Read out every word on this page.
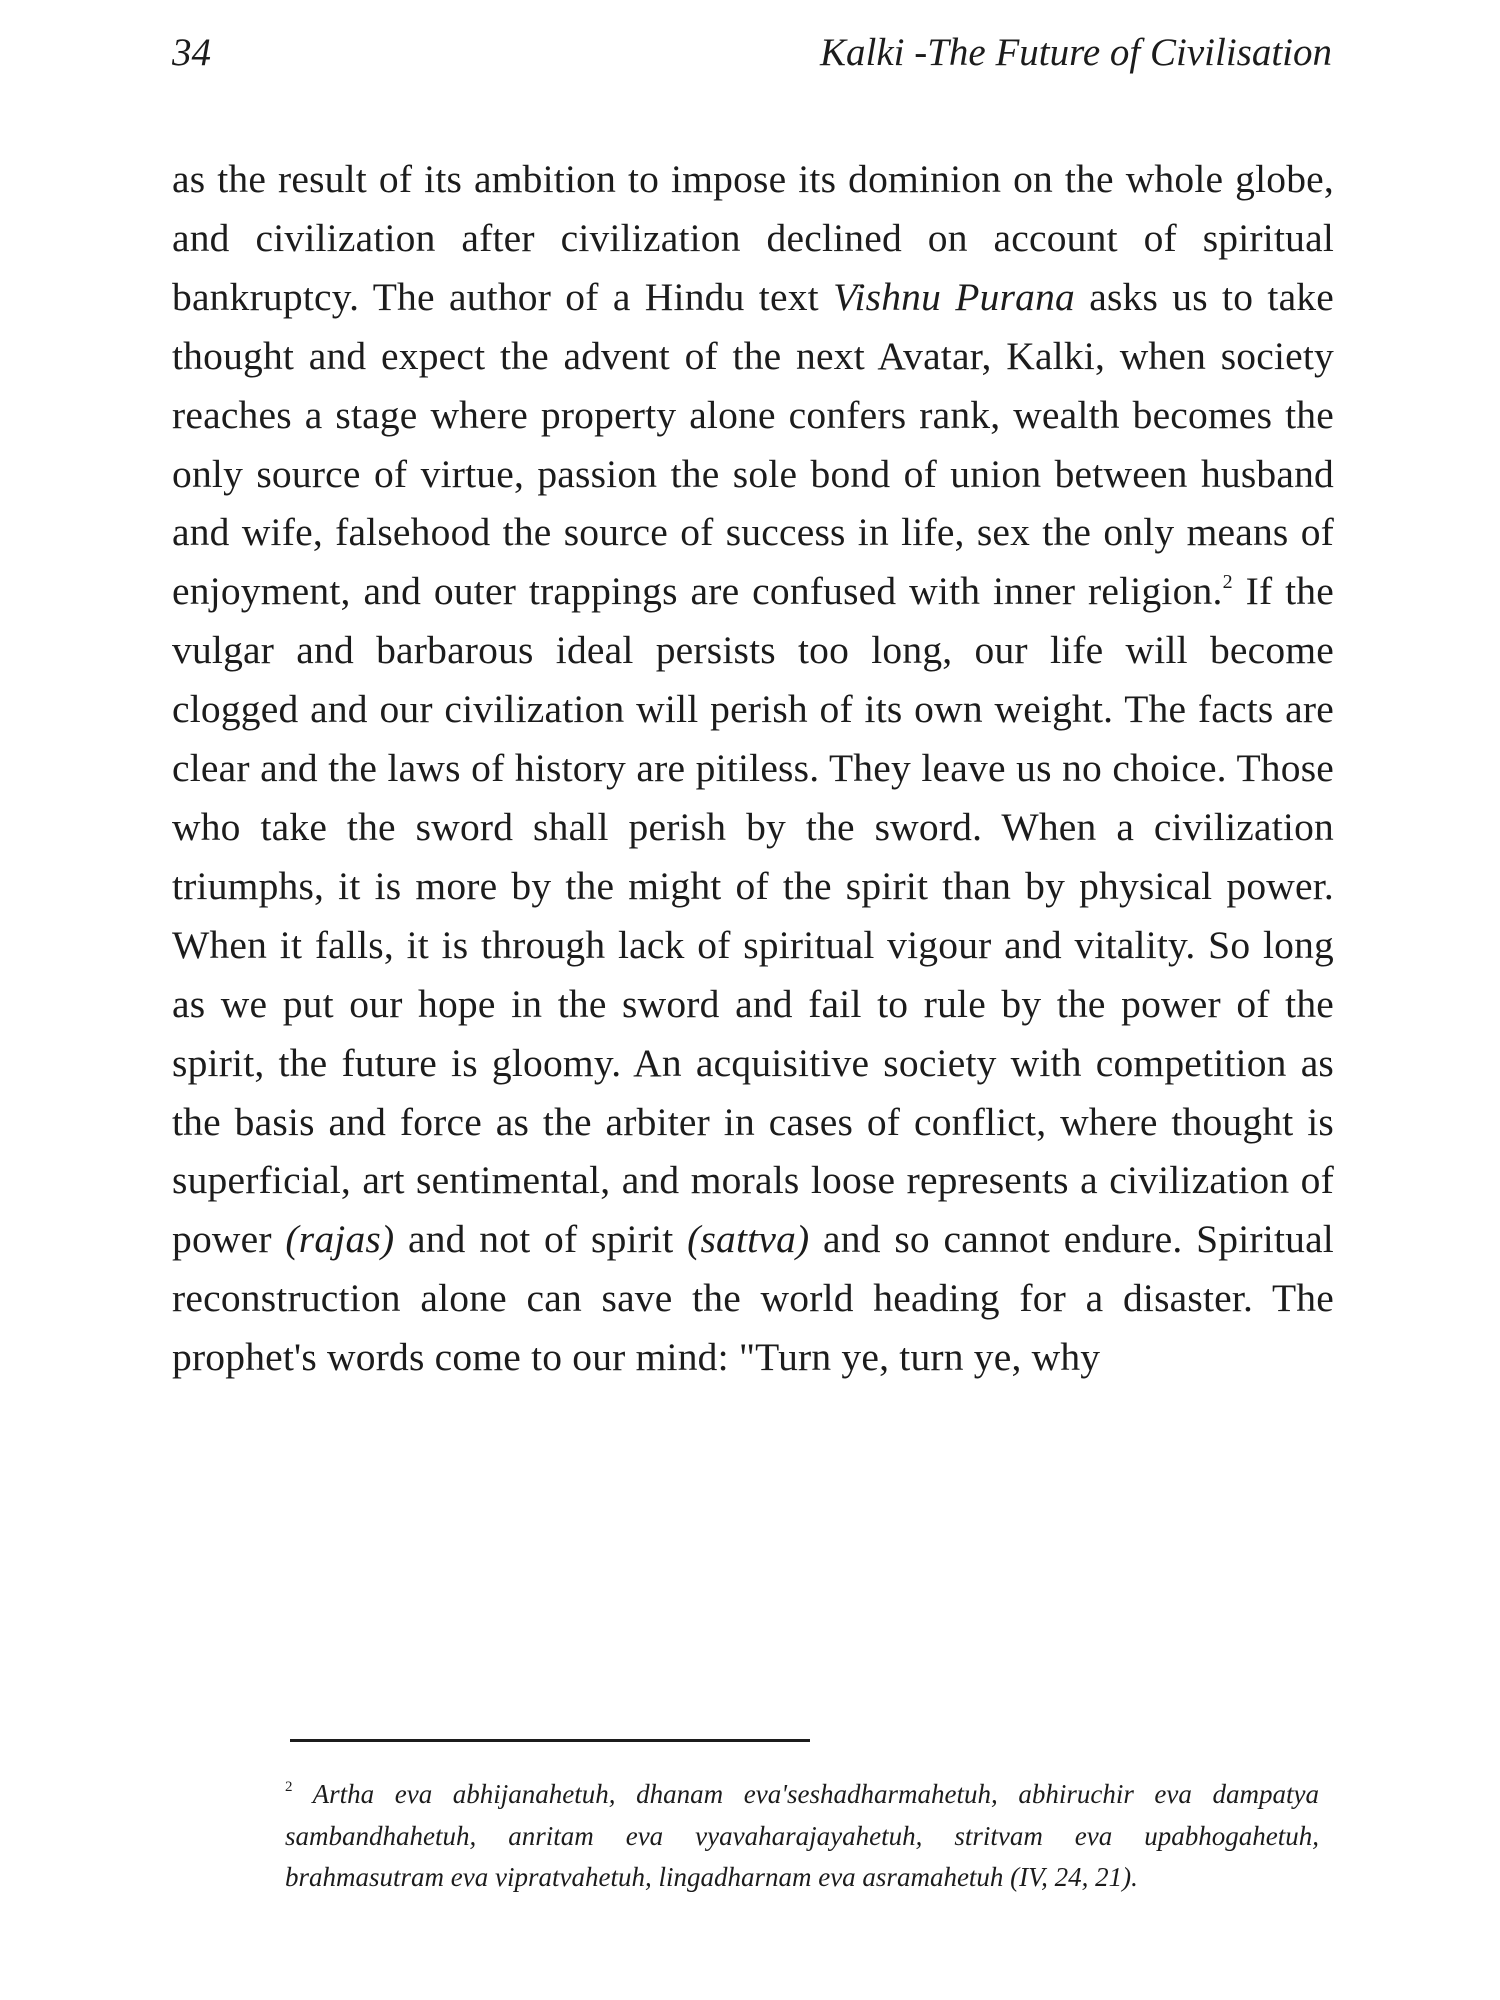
34	Kalki -The Future of Civilisation

as the result of its ambition to impose its dominion on the whole globe, and civilization after civilization declined on account of spiritual bankruptcy. The author of a Hindu text Vishnu Purana asks us to take thought and expect the advent of the next Avatar, Kalki, when society reaches a stage where property alone confers rank, wealth becomes the only source of virtue, passion the sole bond of union between husband and wife, falsehood the source of success in life, sex the only means of enjoyment, and outer trappings are confused with inner religion.$^2$ If the vulgar and barbarous ideal persists too long, our life will become clogged and our civilization will perish of its own weight. The facts are clear and the laws of history are pitiless. They leave us no choice. Those who take the sword shall perish by the sword. When a civilization triumphs, it is more by the might of the spirit than by physical power. When it falls, it is through lack of spiritual vigour and vitality. So long as we put our hope in the sword and fail to rule by the power of the spirit, the future is gloomy. An acquisitive society with competition as the basis and force as the arbiter in cases of conflict, where thought is superficial, art sentimental, and morals loose represents a civilization of power (rajas) and not of spirit (sattva) and so cannot endure. Spiritual reconstruction alone can save the world heading for a disaster. The prophet's words come to our mind: "Turn ye, turn ye, why

$^2$ Artha eva abhijanahetuh, dhanam eva'seshadharmahetuh, abhiruchir eva dampatya sambandhahetuh, anritam eva vyavaharajayahetuh, stritvam eva upabhogahetuh, brahmasutram eva vipratvahetuh, lingadharnam eva asramahetuh (IV, 24, 21).
